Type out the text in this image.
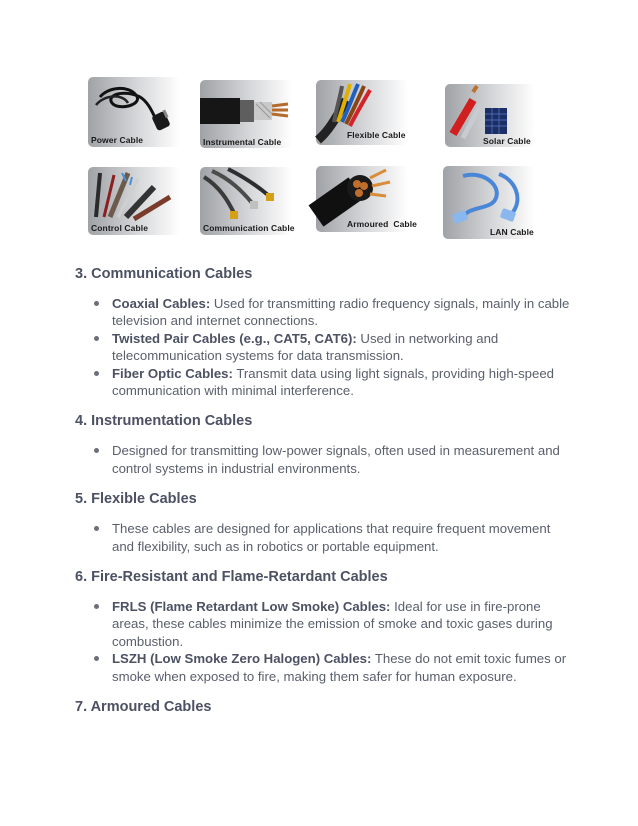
Power Cable	Instrumental Cable
Flexible Cable
Solar Cable
Control Cable	Communication Cable	Armoured  Cable
LAN Cable
3. Communication Cables
Coaxial Cables: Used for transmitting radio frequency signals, mainly in cable television and internet connections.
Twisted Pair Cables (e.g., CAT5, CAT6): Used in networking and telecommunication systems for data transmission.
Fiber Optic Cables: Transmit data using light signals, providing high-speed communication with minimal interference.
4. Instrumentation Cables
Designed for transmitting low-power signals, often used in measurement and control systems in industrial environments.
5. Flexible Cables
These cables are designed for applications that require frequent movement and flexibility, such as in robotics or portable equipment.
6. Fire-Resistant and Flame-Retardant Cables
FRLS (Flame Retardant Low Smoke) Cables: Ideal for use in fire-prone areas, these cables minimize the emission of smoke and toxic gases during combustion.
LSZH (Low Smoke Zero Halogen) Cables: These do not emit toxic fumes or smoke when exposed to fire, making them safer for human exposure.
7. Armoured Cables
